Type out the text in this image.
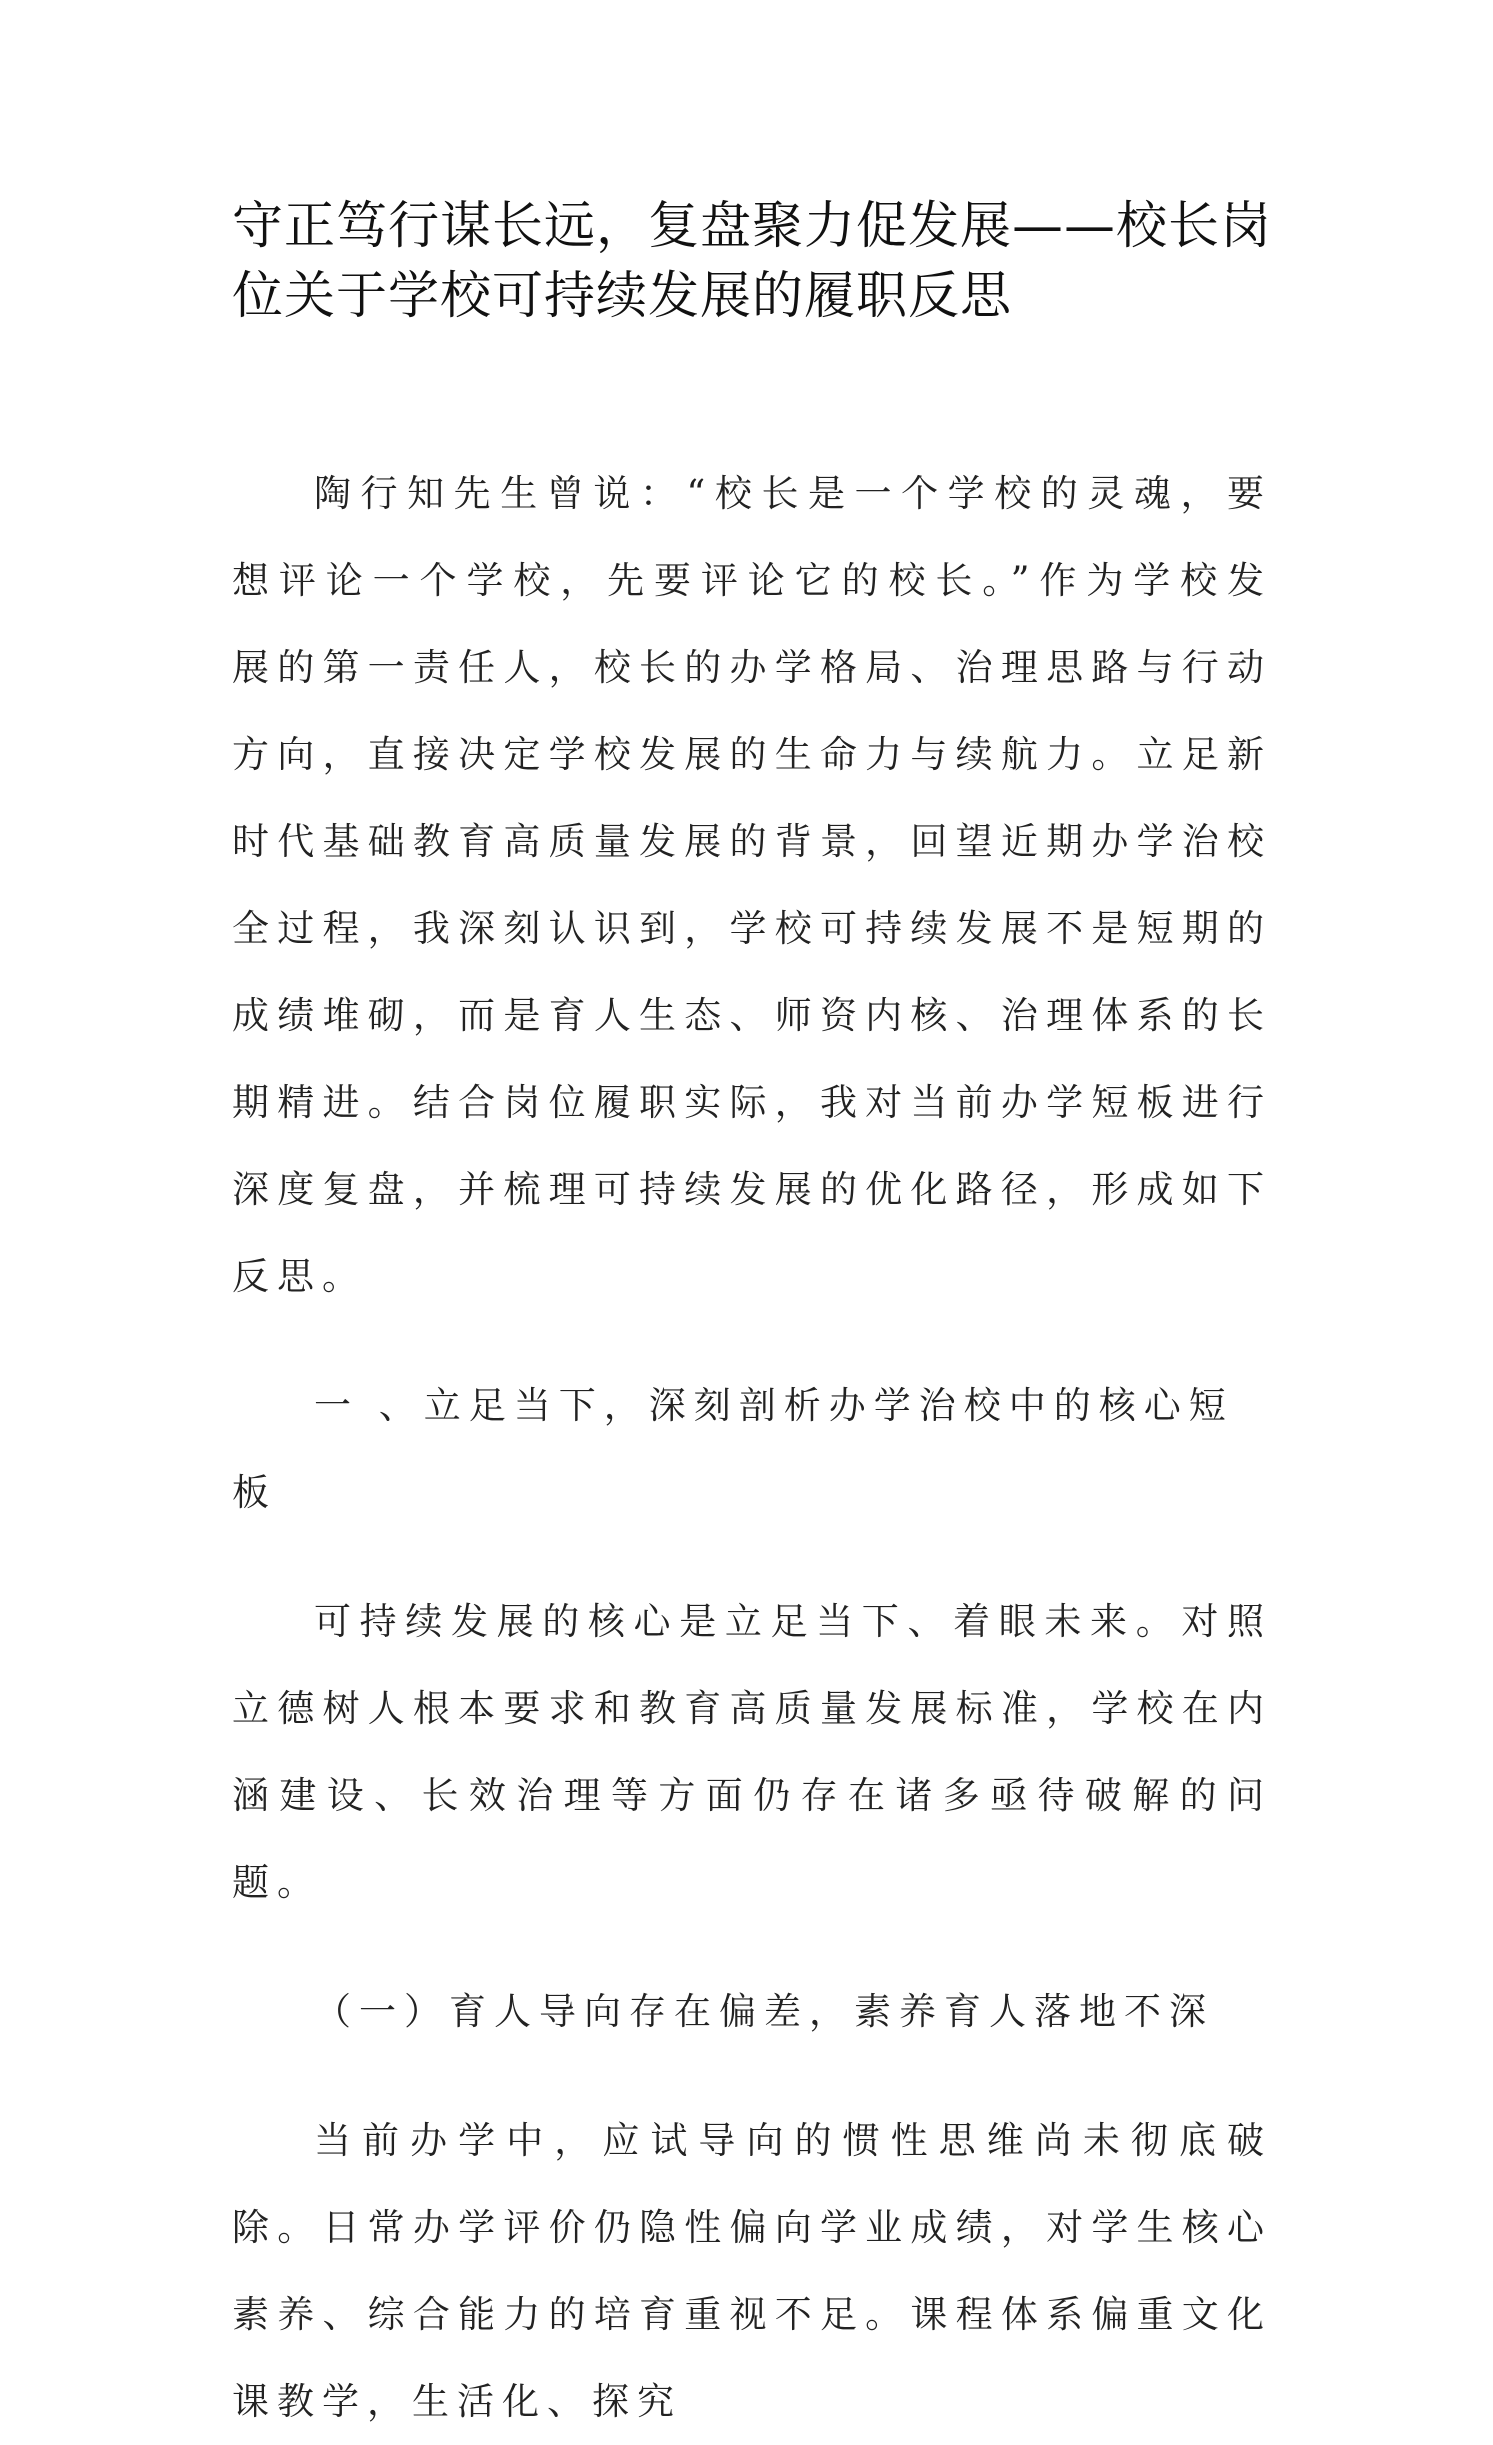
守正笃行谋长远，复盘聚力促发展——校长岗位关于学校可持续发展的履职反思

陶行知先生曾说：“校长是一个学校的灵魂，要想评论一个学校，先要评论它的校长。”作为学校发展的第一责任人，校长的办学格局、治理思路与行动方向，直接决定学校发展的生命力与续航力。立足新时代基础教育高质量发展的背景，回望近期办学治校全过程，我深刻认识到，学校可持续发展不是短期的成绩堆砌，而是育人生态、师资内核、治理体系的长期精进。结合岗位履职实际，我对当前办学短板进行深度复盘，并梳理可持续发展的优化路径，形成如下反思。

一 、立足当下，深刻剖析办学治校中的核心短板

可持续发展的核心是立足当下、着眼未来。对照立德树人根本要求和教育高质量发展标准，学校在内涵建设、长效治理等方面仍存在诸多亟待破解的问题。

（一）育人导向存在偏差，素养育人落地不深

当前办学中，应试导向的惯性思维尚未彻底破除。日常办学评价仍隐性偏向学业成绩，对学生核心素养、综合能力的培育重视不足。课程体系偏重文化课教学，生活化、探究
